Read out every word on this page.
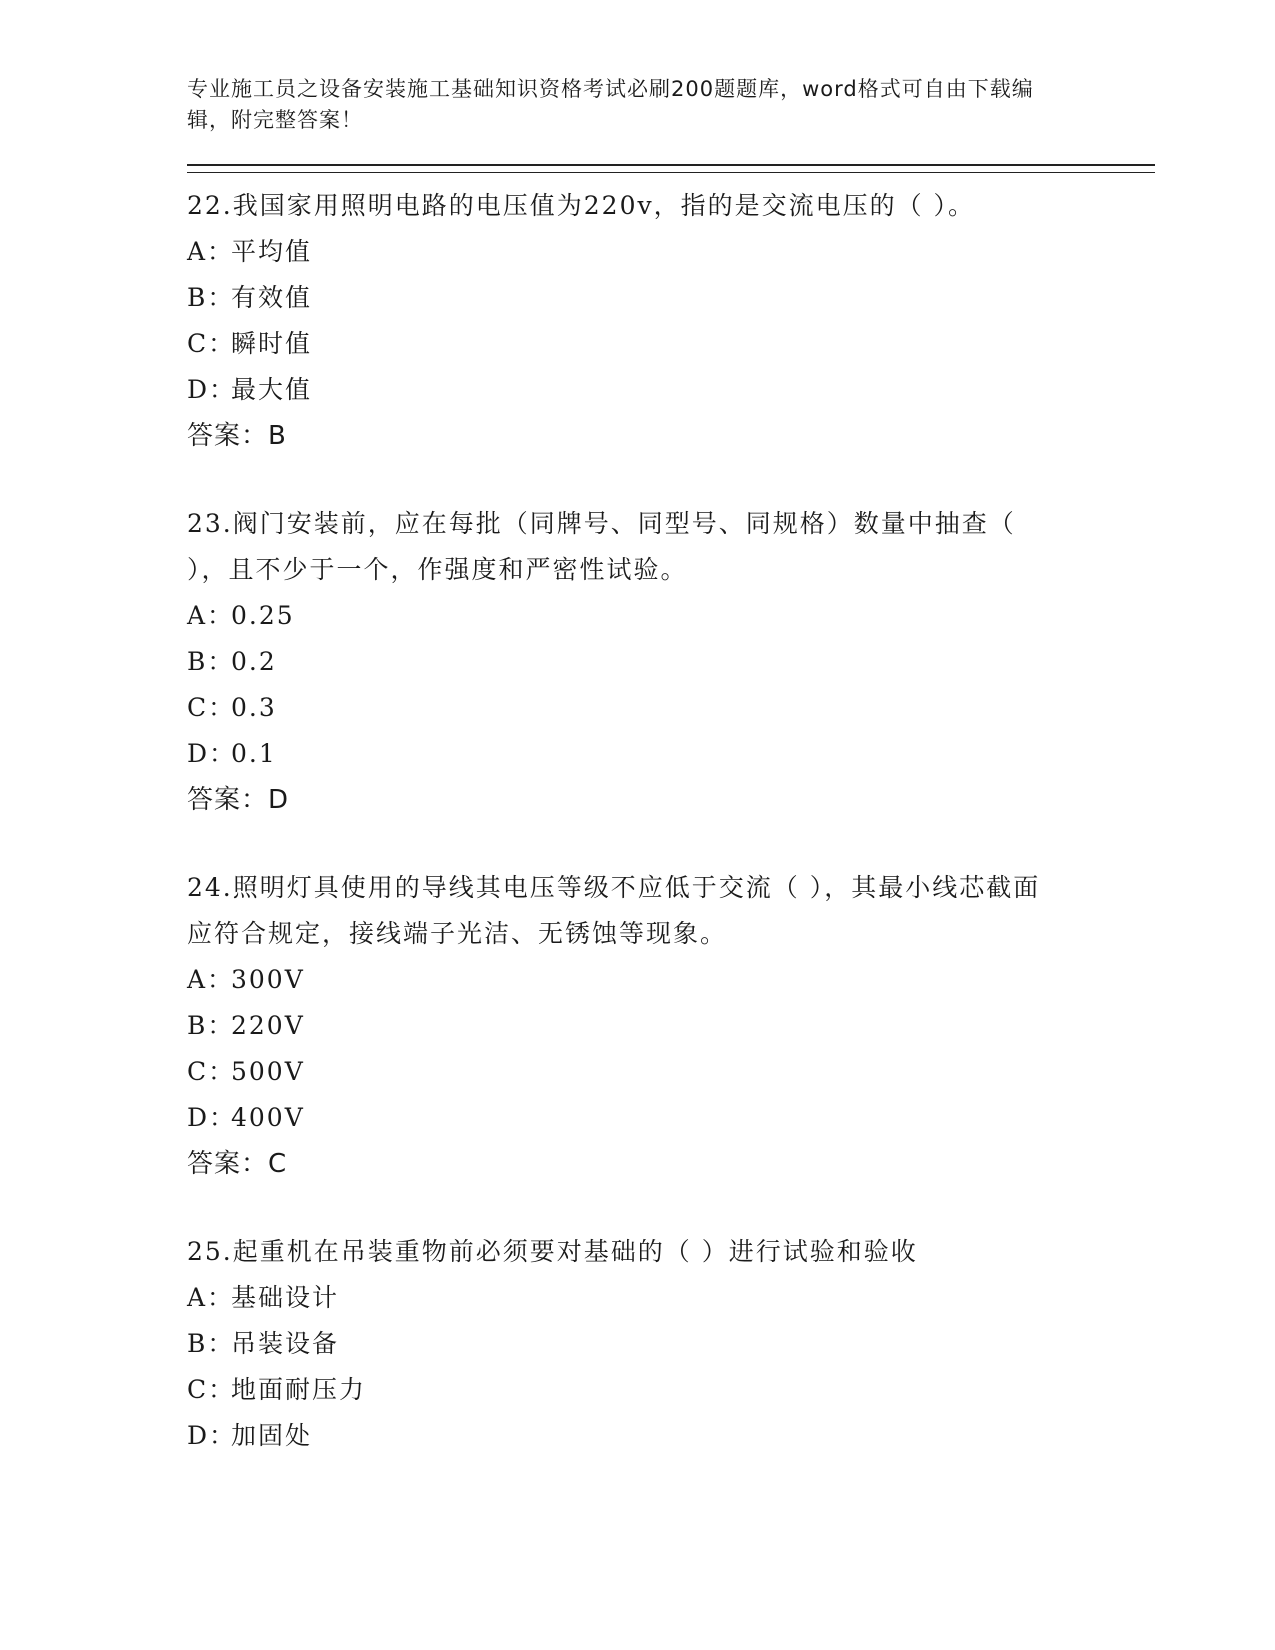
专业施工员之设备安装施工基础知识资格考试必刷200题题库，word格式可自由下载编辑，附完整答案！

22.我国家用照明电路的电压值为220v，指的是交流电压的（ ）。

A：平均值

B：有效值

C：瞬时值

D：最大值

答案：B

23.阀门安装前，应在每批（同牌号、同型号、同规格）数量中抽查（ ），且不少于一个，作强度和严密性试验。

A：0.25

B：0.2

C：0.3

D：0.1

答案：D

24.照明灯具使用的导线其电压等级不应低于交流（ ），其最小线芯截面应符合规定，接线端子光洁、无锈蚀等现象。

A：300V

B：220V

C：500V

D：400V

答案：C

25.起重机在吊装重物前必须要对基础的（ ）进行试验和验收

A：基础设计

B：吊装设备

C：地面耐压力

D：加固处
